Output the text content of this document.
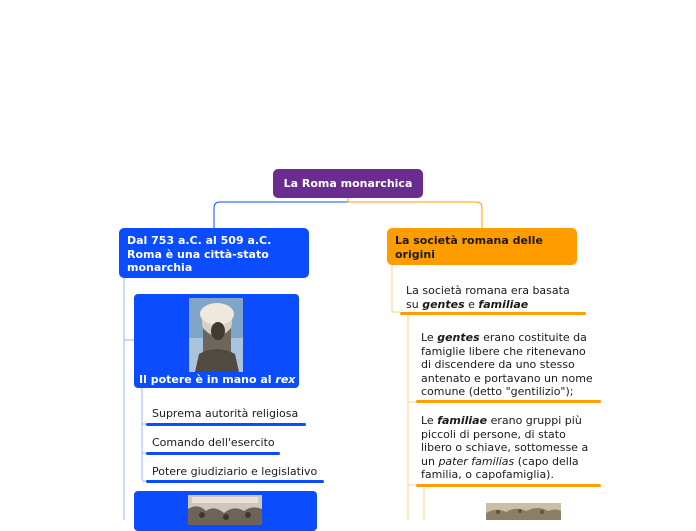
La Roma monarchica
Dal 753 a.C. al 509 a.C. Roma è una città-stato monarchia
Il potere è in mano al rex
Suprema autorità religiosa
Comando dell'esercito
Potere giudiziario e legislativo
La società romana delle origini
La società romana era basata su gentes e familiae
Le gentes erano costituite da famiglie libere che ritenevano di discendere da uno stesso antenato e portavano un nome comune (detto "gentilizio");
Le familiae erano gruppi più piccoli di persone, di stato libero o schiave, sottomesse a un pater familias (capo della familia, o capofamiglia).
